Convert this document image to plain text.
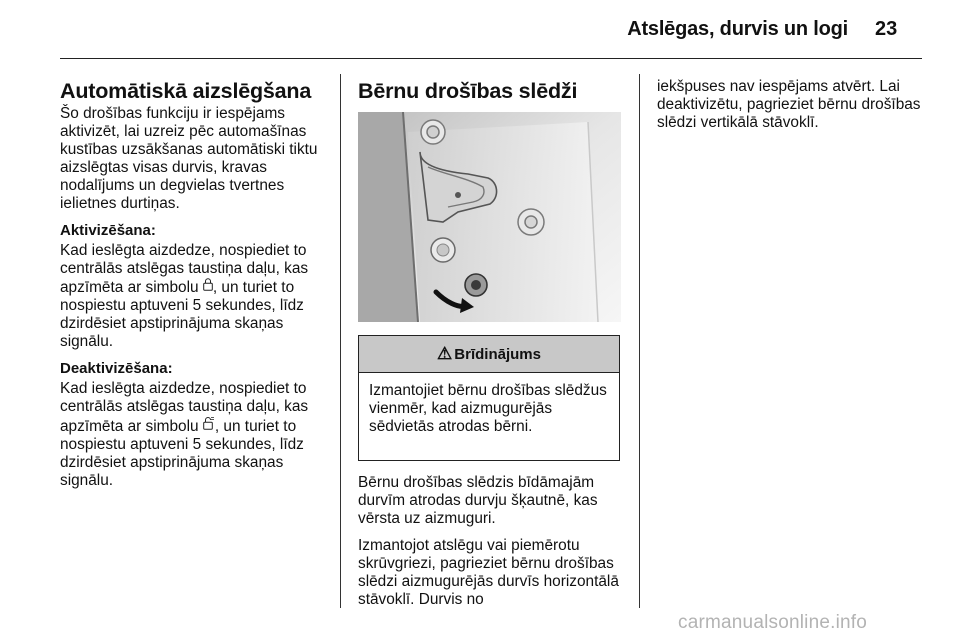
Atslēgas, durvis un logi 23
Automātiskā aizslēgšana

Šo drošības funkciju ir iespējams aktivizēt, lai uzreiz pēc automašīnas kustības uzsākšanas automātiski tiktu aizslēgtas visas durvis, kravas nodalījums un degvielas tvertnes ielietnes durtiņas.

Aktivizēšana:

Kad ieslēgta aizdedze, nospiediet to centrālās atslēgas taustiņa daļu, kas apzīmēta ar simbolu , un turiet to nospiestu aptuveni 5 sekundes, līdz dzirdēsiet apstiprinājuma skaņas signālu.

Deaktivizēšana:

Kad ieslēgta aizdedze, nospiediet to centrālās atslēgas taustiņa daļu, kas apzīmēta ar simbolu , un turiet to nospiestu aptuveni 5 sekundes, līdz dzirdēsiet apstiprinājuma skaņas signālu.

Bērnu drošības slēdži
⚠ Brīdinājums
Izmantojiet bērnu drošības slēdžus vienmēr, kad aizmugurējās sēdvietās atrodas bērni.

Bērnu drošības slēdzis bīdāmajām durvīm atrodas durvju šķautnē, kas vērsta uz aizmuguri.

Izmantojot atslēgu vai piemērotu skrūvgriezi, pagrieziet bērnu drošības slēdzi aizmugurējās durvīs horizontālā stāvoklī. Durvis no

iekšpuses nav iespējams atvērt. Lai deaktivizētu, pagrieziet bērnu drošības slēdzi vertikālā stāvoklī.

carmanualsonline.info
